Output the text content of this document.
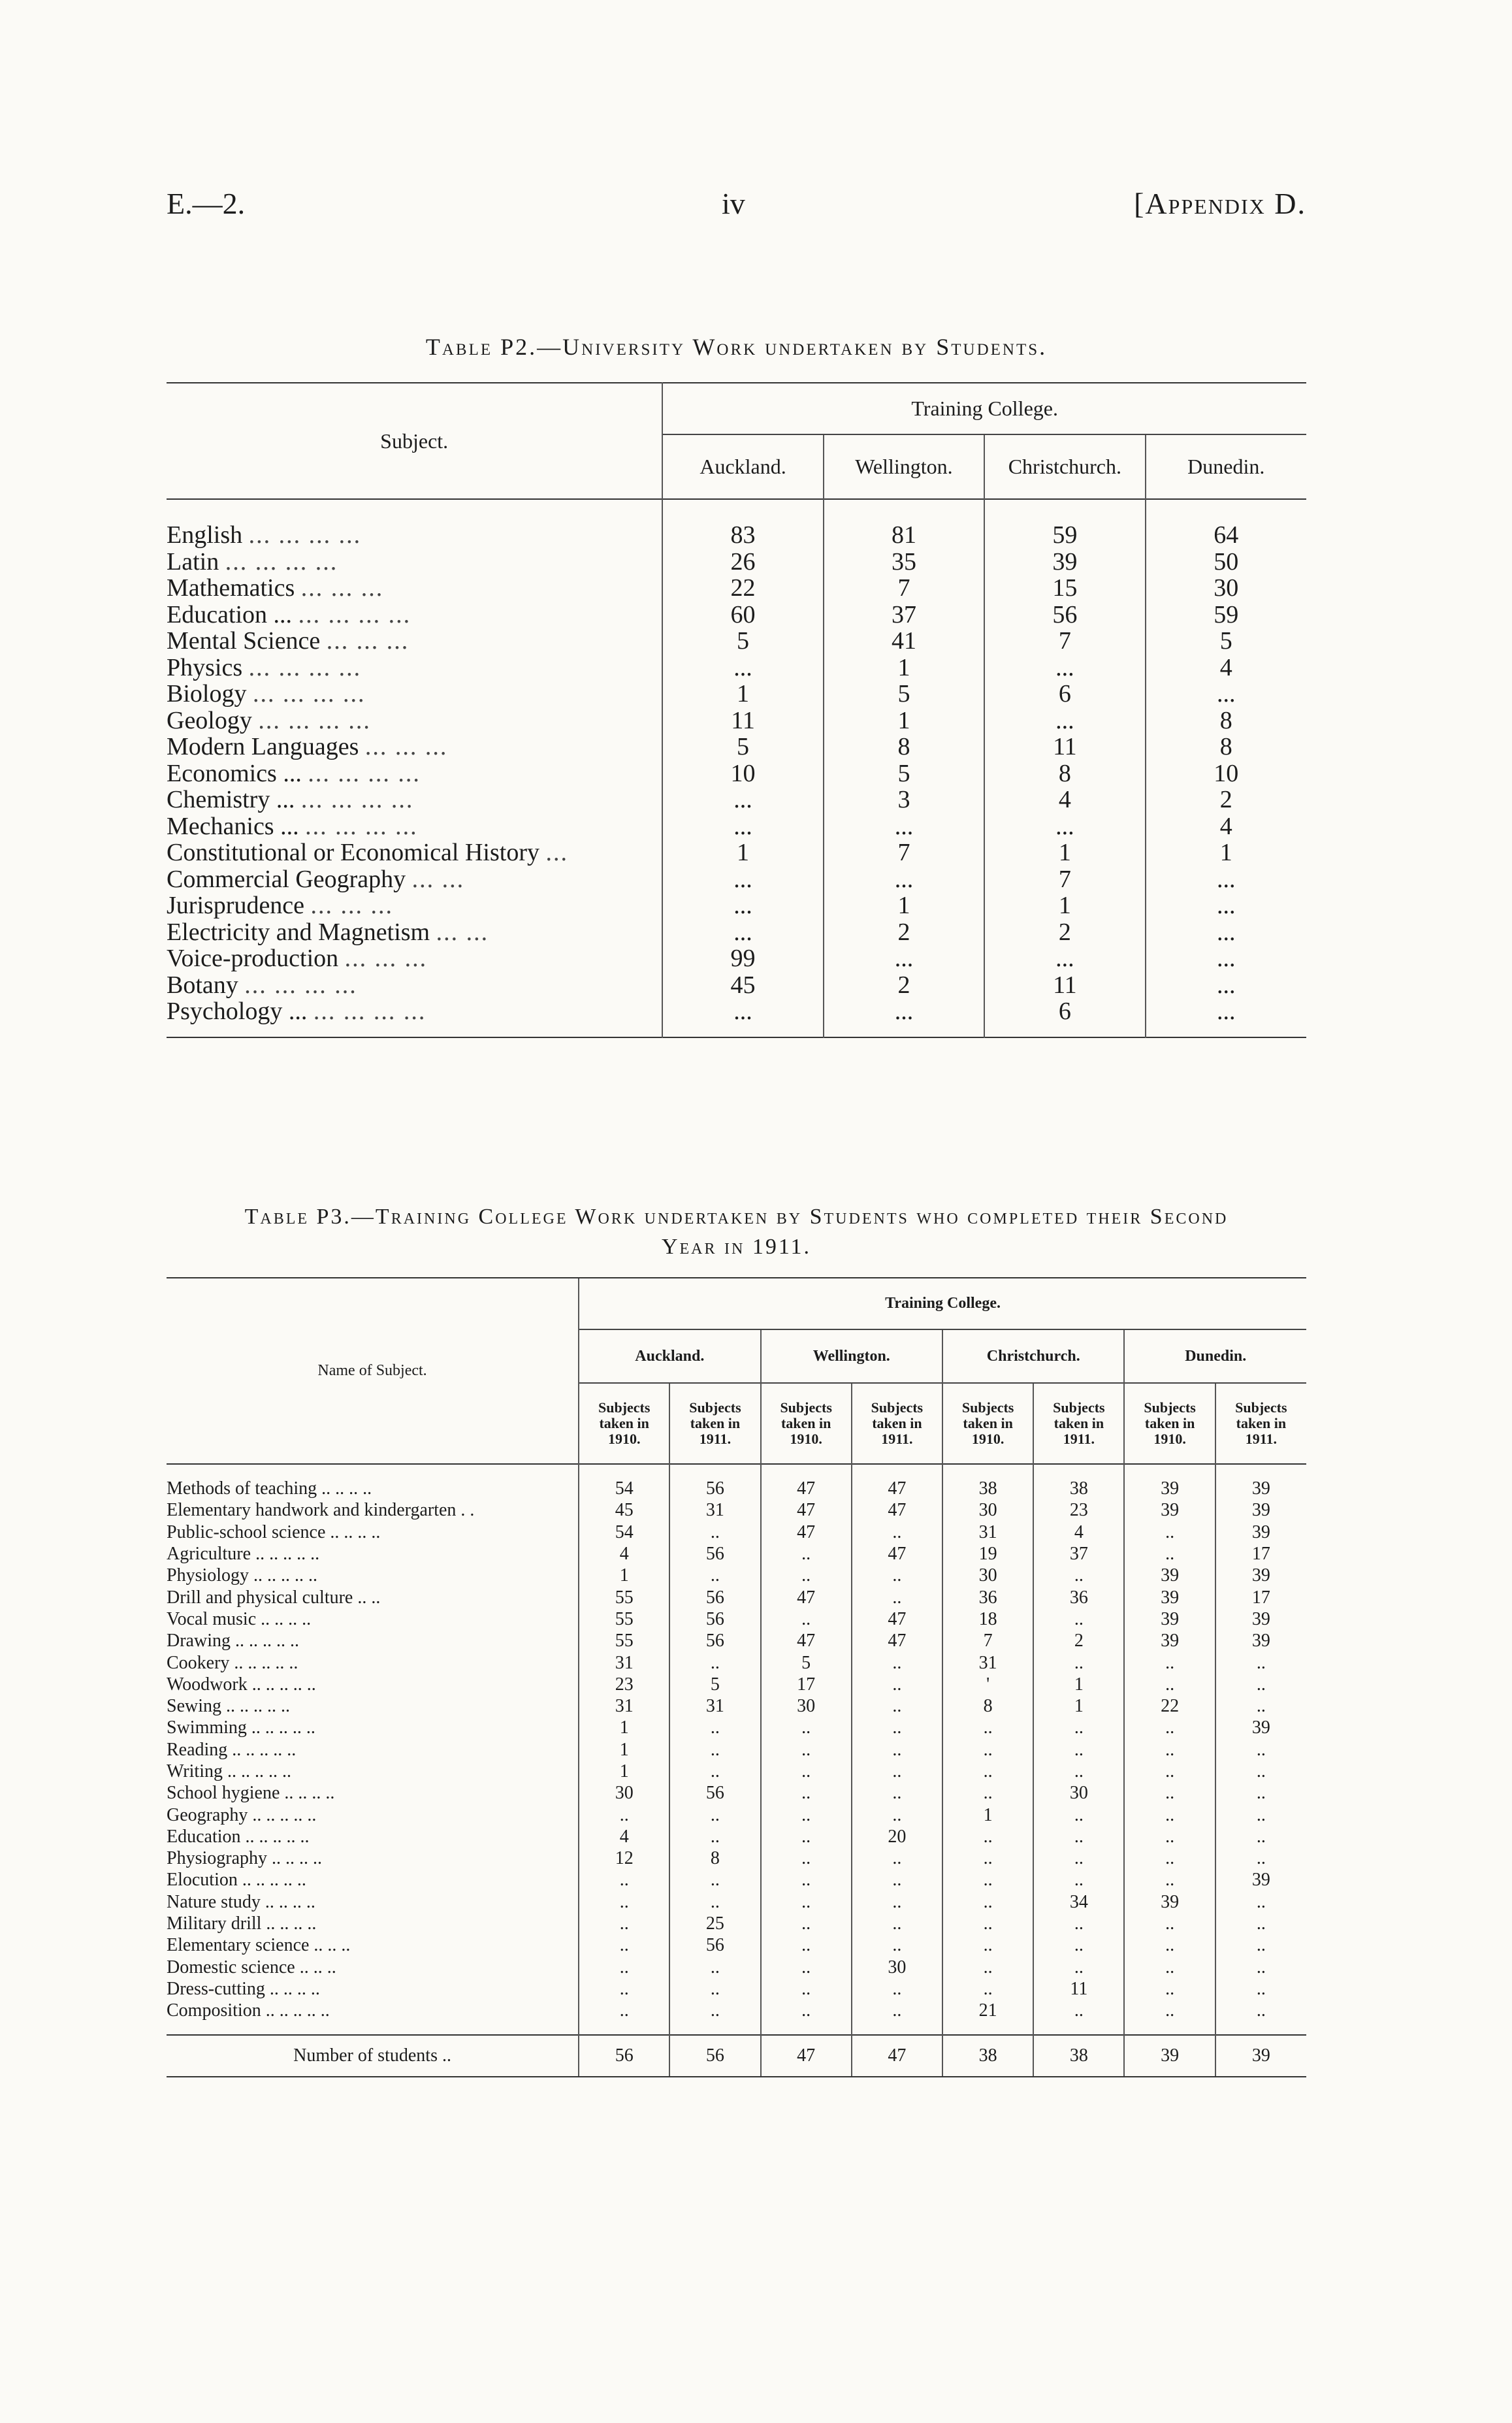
E.—2.	iv	[Appendix D.
Table P2.—University Work undertaken by Students.
Subject.	Training College.			
	Auckland.	Wellington.	Christchurch.	Dunedin.
English ... ... ... ...	83	81	59	64
Latin ... ... ... ...	26	35	39	50
Mathematics ... ... ...	22	7	15	30
Education ... ... ... ... ...	60	37	56	59
Mental Science ... ... ...	5	41	7	5
Physics ... ... ... ...	...	1	...	4
Biology ... ... ... ...	1	5	6	...
Geology ... ... ... ...	11	1	...	8
Modern Languages ... ... ...	5	8	11	8
Economics ... ... ... ... ...	10	5	8	10
Chemistry ... ... ... ... ...	...	3	4	2
Mechanics ... ... ... ... ...	...	...	...	4
Constitutional or Economical History ...	1	7	1	1
Commercial Geography ... ...	...	...	7	...
Jurisprudence ... ... ...	...	1	1	...
Electricity and Magnetism ... ...	...	2	2	...
Voice-production ... ... ...	99	...	...	...
Botany ... ... ... ...	45	2	11	...
Psychology ... ... ... ... ...	...	...	6	...
Table P3.—Training College Work undertaken by Students who completed their Second
Year in 1911.
Name of Subject.	Training College.							
	Auckland.		Wellington.		Christchurch.		Dunedin.	

	Subjects
taken in
1910.	Subjects
taken in
1911.	Subjects
taken in
1910.	Subjects
taken in
1911.	Subjects
taken in
1910.	Subjects
taken in
1911.	Subjects
taken in
1910.	Subjects
taken in
1911.

Methods of teaching .. .. .. ..	54	56	47	47	38	38	39	39
Elementary handwork and kindergarten . .	45	31	47	47	30	23	39	39
Public-school science .. .. .. ..	54	..	47	..	31	4	..	39
Agriculture .. .. .. .. ..	4	56	..	47	19	37	..	17
Physiology .. .. .. .. ..	1	..	..	..	30	..	39	39
Drill and physical culture .. ..	55	56	47	..	36	36	39	17
Vocal music .. .. .. ..	55	56	..	47	18	..	39	39
Drawing .. .. .. .. ..	55	56	47	47	7	2	39	39
Cookery .. .. .. .. ..	31	..	5	..	31	..	..	..
Woodwork .. .. .. .. ..	23	5	17	..	'	1	..	..
Sewing .. .. .. .. ..	31	31	30	..	8	1	22	..
Swimming .. .. .. .. ..	1	..	..	..	..	..	..	39
Reading .. .. .. .. ..	1	..	..	..	..	..	..	..
Writing .. .. .. .. ..	1	..	..	..	..	..	..	..
School hygiene .. .. .. ..	30	56	..	..	..	30	..	..
Geography .. .. .. .. ..	..	..	..	..	1	..	..	..
Education .. .. .. .. ..	4	..	..	20	..	..	..	..
Physiography .. .. .. ..	12	8	..	..	..	..	..	..
Elocution .. .. .. .. ..	..	..	..	..	..	..	..	39
Nature study .. .. .. ..	..	..	..	..	..	34	39	..
Military drill .. .. .. ..	..	25	..	..	..	..	..	..
Elementary science .. .. ..	..	56	..	..	..	..	..	..
Domestic science .. .. ..	..	..	..	30	..	..	..	..
Dress-cutting .. .. .. ..	..	..	..	..	..	11	..	..
Composition .. .. .. .. ..	..	..	..	..	21	..	..	..
Number of students ..	56	56	47	47	38	38	39	39
